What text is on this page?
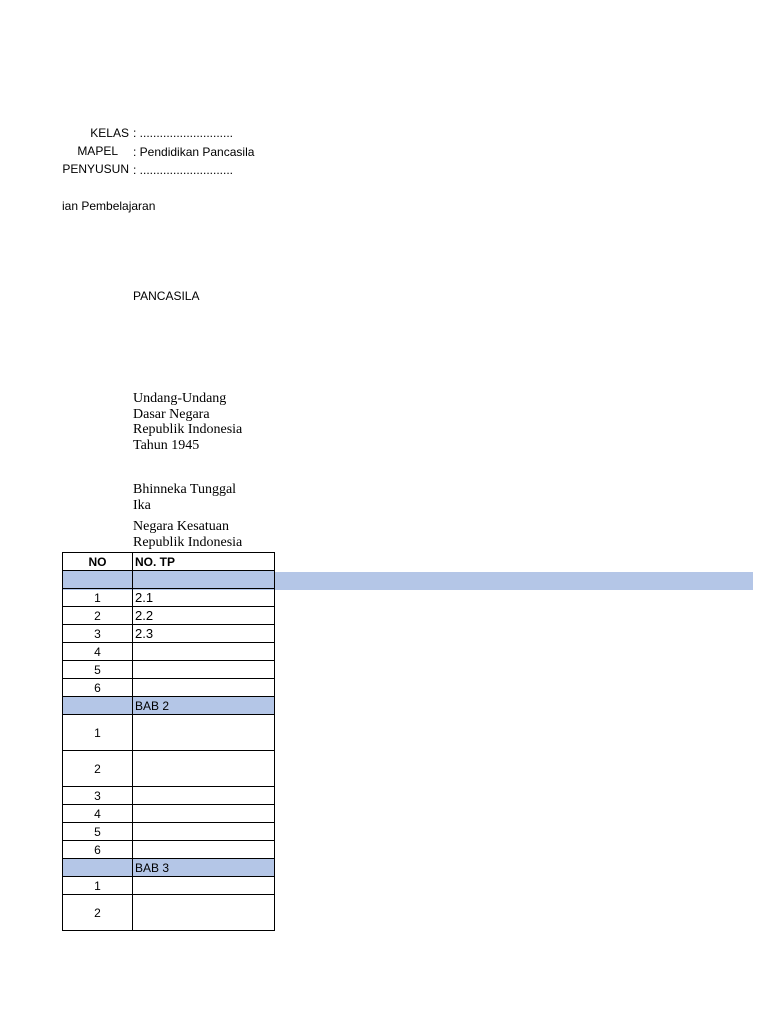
KELAS : ............................
MAPEL : Pendidikan Pancasila
PENYUSUN : ............................
ian Pembelajaran
PANCASILA
Undang-Undang
Dasar Negara
Republik Indonesia
Tahun 1945
Bhinneka Tunggal
Ika
Negara Kesatuan
Republik Indonesia
NO	NO. TP

1	2.1
2	2.2
3	2.3
4	
5	
6	
	BAB 2
1	
2	
3	
4	
5	
6	
	BAB 3
1	
2	
